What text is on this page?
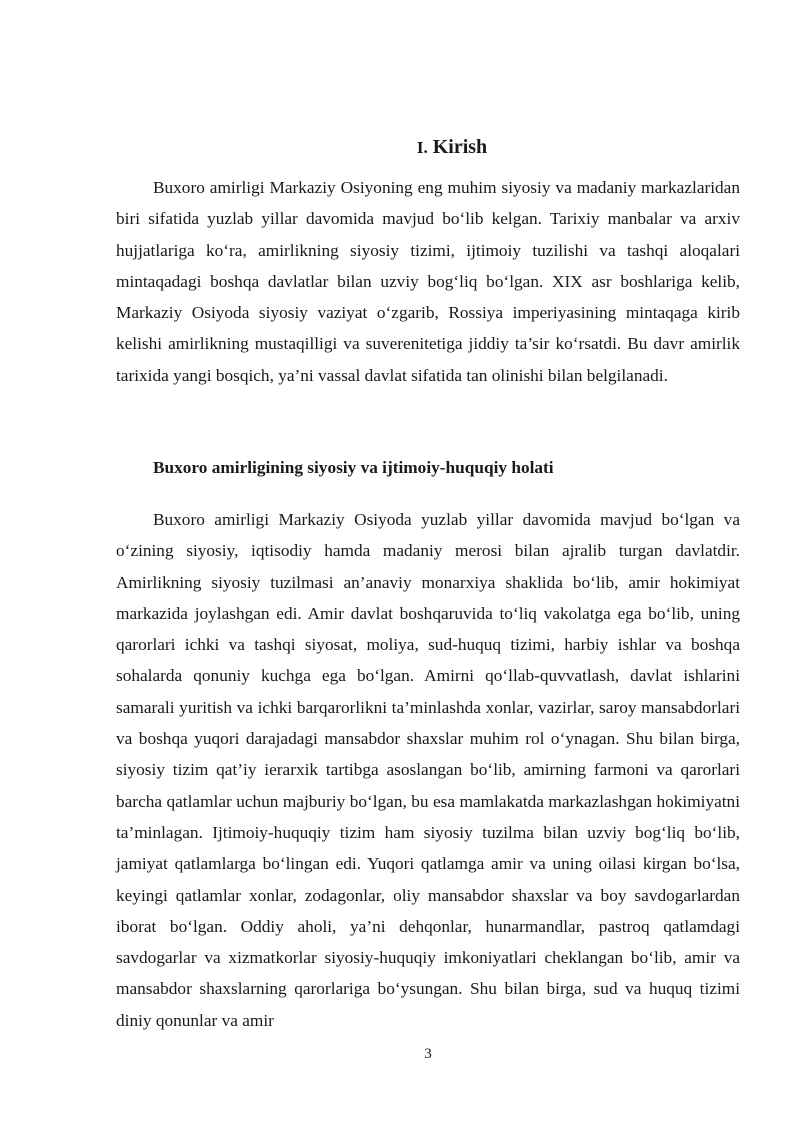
I. Kirish

Buxoro amirligi Markaziy Osiyoning eng muhim siyosiy va madaniy markazlaridan biri sifatida yuzlab yillar davomida mavjud bo‘lib kelgan. Tarixiy manbalar va arxiv hujjatlariga ko‘ra, amirlikning siyosiy tizimi, ijtimoiy tuzilishi va tashqi aloqalari mintaqadagi boshqa davlatlar bilan uzviy bog‘liq bo‘lgan. XIX asr boshlariga kelib, Markaziy Osiyoda siyosiy vaziyat o‘zgarib, Rossiya imperiyasining mintaqaga kirib kelishi amirlikning mustaqilligi va suverenitetiga jiddiy ta’sir ko‘rsatdi. Bu davr amirlik tarixida yangi bosqich, ya’ni vassal davlat sifatida tan olinishi bilan belgilanadi.

Buxoro amirligining siyosiy va ijtimoiy-huquqiy holati

Buxoro amirligi Markaziy Osiyoda yuzlab yillar davomida mavjud bo‘lgan va o‘zining siyosiy, iqtisodiy hamda madaniy merosi bilan ajralib turgan davlatdir. Amirlikning siyosiy tuzilmasi an’anaviy monarxiya shaklida bo‘lib, amir hokimiyat markazida joylashgan edi. Amir davlat boshqaruvida to‘liq vakolatga ega bo‘lib, uning qarorlari ichki va tashqi siyosat, moliya, sud-huquq tizimi, harbiy ishlar va boshqa sohalarda qonuniy kuchga ega bo‘lgan. Amirni qo‘llab-quvvatlash, davlat ishlarini samarali yuritish va ichki barqarorlikni ta’minlashda xonlar, vazirlar, saroy mansabdorlari va boshqa yuqori darajadagi mansabdor shaxslar muhim rol o‘ynagan. Shu bilan birga, siyosiy tizim qat’iy ierarxik tartibga asoslangan bo‘lib, amirning farmoni va qarorlari barcha qatlamlar uchun majburiy bo‘lgan, bu esa mamlakatda markazlashgan hokimiyatni ta’minlagan. Ijtimoiy-huquqiy tizim ham siyosiy tuzilma bilan uzviy bog‘liq bo‘lib, jamiyat qatlamlarga bo‘lingan edi. Yuqori qatlamga amir va uning oilasi kirgan bo‘lsa, keyingi qatlamlar xonlar, zodagonlar, oliy mansabdor shaxslar va boy savdogarlardan iborat bo‘lgan. Oddiy aholi, ya’ni dehqonlar, hunarmandlar, pastroq qatlamdagi savdogarlar va xizmatkorlar siyosiy-huquqiy imkoniyatlari cheklangan bo‘lib, amir va mansabdor shaxslarning qarorlariga bo‘ysungan. Shu bilan birga, sud va huquq tizimi diniy qonunlar va amir

3
